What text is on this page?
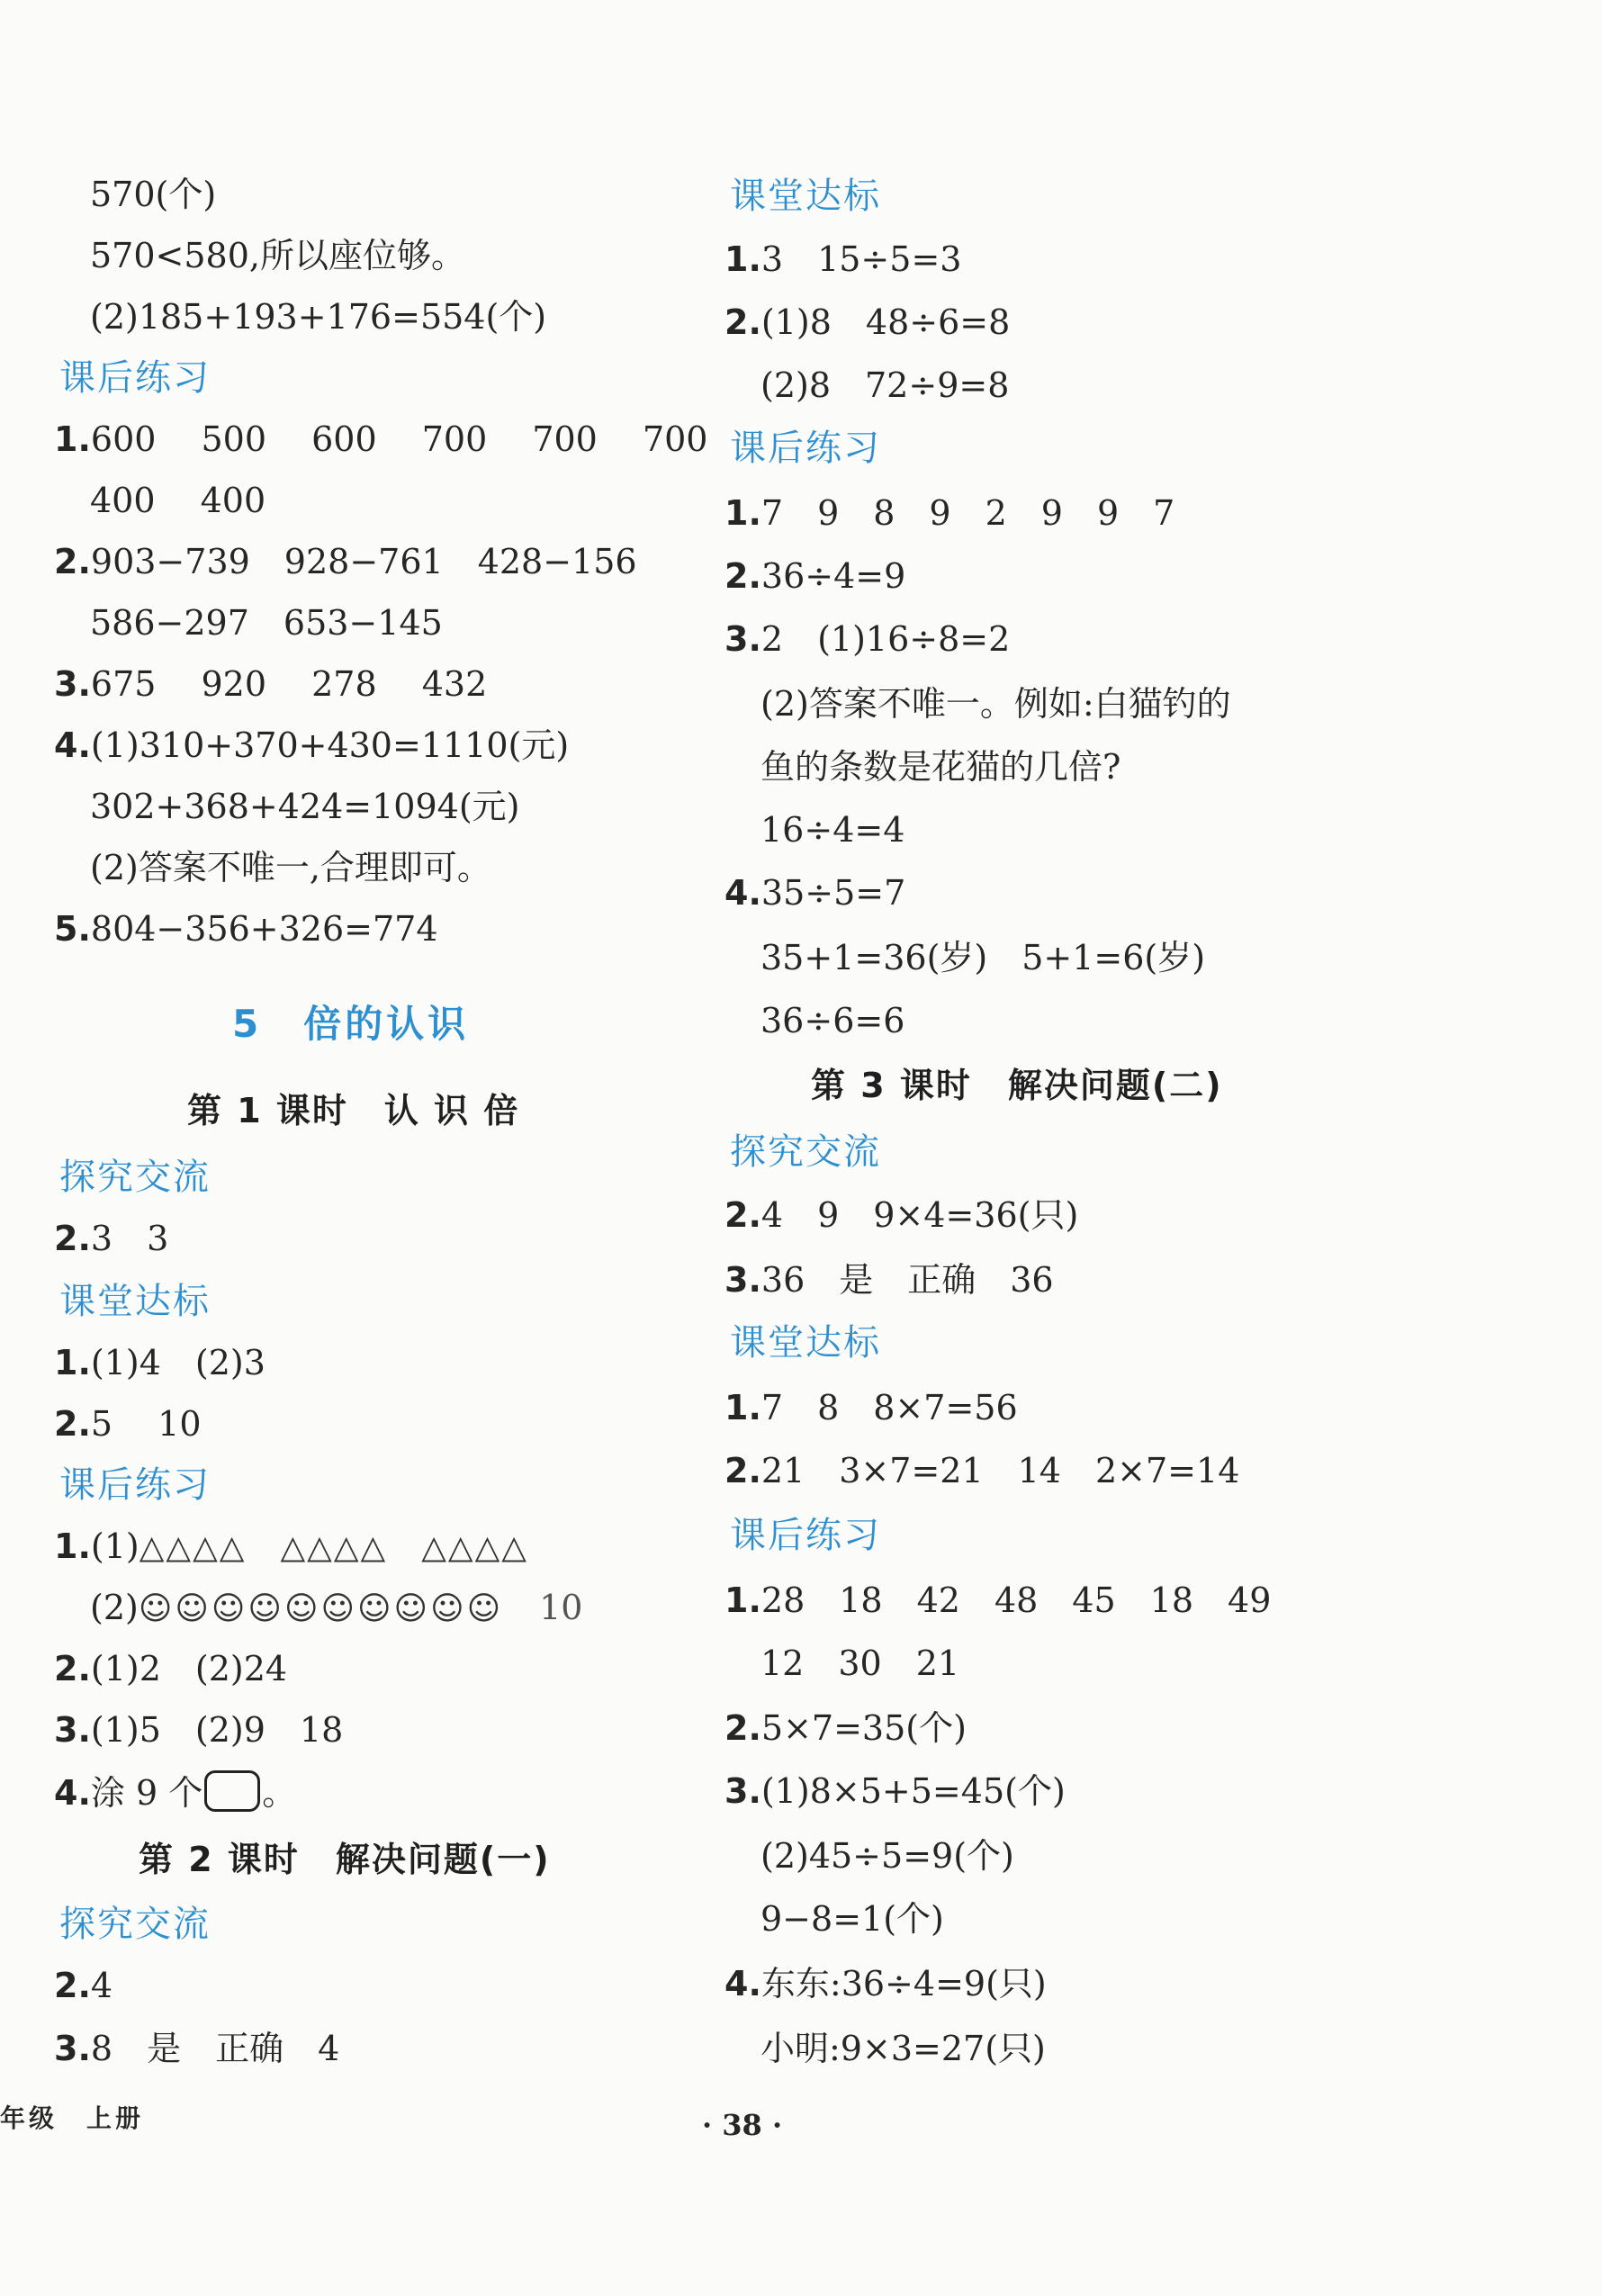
570(个)
570<580,所以座位够。
(2)185+193+176=554(个)
课后练习
1.600　 500　 600　 700　 700　 700
400　 400
2.903−739　928−761　428−156
586−297　653−145
3.675　 920　 278　 432
4.(1)310+370+430=1110(元)
302+368+424=1094(元)
(2)答案不唯一,合理即可。
5.804−356+326=774
5　倍的认识
第 1 课时　认 识 倍
探究交流
2.3　3
课堂达标
1.(1)4　(2)3
2.5　 10
课后练习
1.(1)△△△△　△△△△　△△△△
(2)☺☺☺☺☺☺☺☺☺☺ 10
2.(1)2　(2)24
3.(1)5　(2)9　18
4.涂 9 个 。
第 2 课时　解决问题(一)
探究交流
2.4
3.8　是　正确　4
课堂达标
1.3　15÷5=3
2.(1)8　48÷6=8
(2)8　72÷9=8
课后练习
1.7　9　8　9　2　9　9　7
2.36÷4=9
3.2　(1)16÷8=2
(2)答案不唯一。例如:白猫钓的
鱼的条数是花猫的几倍?
16÷4=4
4.35÷5=7
35+1=36(岁)　5+1=6(岁)
36÷6=6
第 3 课时　解决问题(二)
探究交流
2.4　9　9×4=36(只)
3.36　是　正确　36
课堂达标
1.7　8　8×7=56
2.21　3×7=21　14　2×7=14
课后练习
1.28　18　42　48　45　18　49
12　30　21
2.5×7=35(个)
3.(1)8×5+5=45(个)
(2)45÷5=9(个)
9−8=1(个)
4.东东:36÷4=9(只)
小明:9×3=27(只)
年级　上册	· 38 ·
